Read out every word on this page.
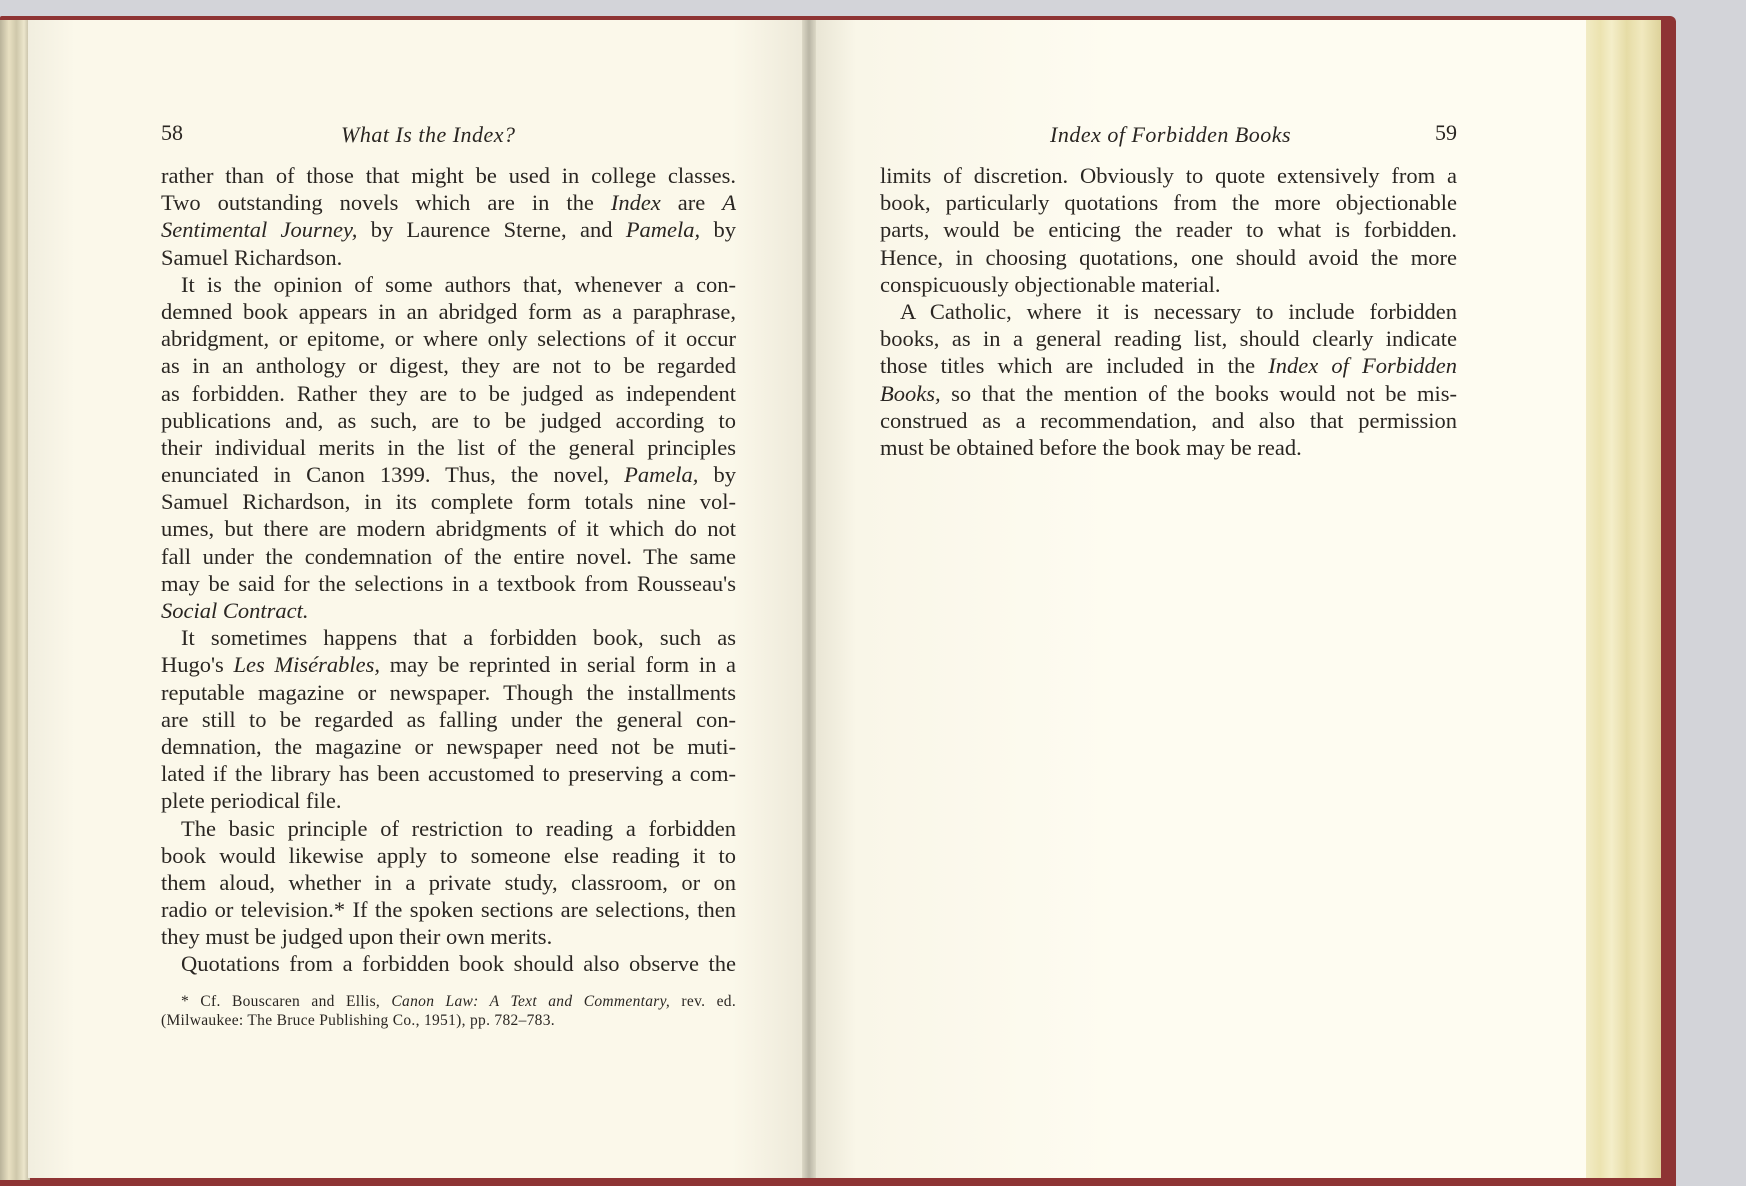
58	What Is the Index?
rather than of those that might be used in college classes.
Two outstanding novels which are in the Index are A
Sentimental Journey, by Laurence Sterne, and Pamela, by
Samuel Richardson.
It is the opinion of some authors that, whenever a con-
demned book appears in an abridged form as a paraphrase,
abridgment, or epitome, or where only selections of it occur
as in an anthology or digest, they are not to be regarded
as forbidden. Rather they are to be judged as independent
publications and, as such, are to be judged according to
their individual merits in the list of the general principles
enunciated in Canon 1399. Thus, the novel, Pamela, by
Samuel Richardson, in its complete form totals nine vol-
umes, but there are modern abridgments of it which do not
fall under the condemnation of the entire novel. The same
may be said for the selections in a textbook from Rousseau's
Social Contract.
It sometimes happens that a forbidden book, such as
Hugo's Les Misérables, may be reprinted in serial form in a
reputable magazine or newspaper. Though the installments
are still to be regarded as falling under the general con-
demnation, the magazine or newspaper need not be muti-
lated if the library has been accustomed to preserving a com-
plete periodical file.
The basic principle of restriction to reading a forbidden
book would likewise apply to someone else reading it to
them aloud, whether in a private study, classroom, or on
radio or television.* If the spoken sections are selections, then
they must be judged upon their own merits.
Quotations from a forbidden book should also observe the
* Cf. Bouscaren and Ellis, Canon Law: A Text and Commentary, rev. ed.
(Milwaukee: The Bruce Publishing Co., 1951), pp. 782–783.
Index of Forbidden Books	59
limits of discretion. Obviously to quote extensively from a
book, particularly quotations from the more objectionable
parts, would be enticing the reader to what is forbidden.
Hence, in choosing quotations, one should avoid the more
conspicuously objectionable material.
A Catholic, where it is necessary to include forbidden
books, as in a general reading list, should clearly indicate
those titles which are included in the Index of Forbidden
Books, so that the mention of the books would not be mis-
construed as a recommendation, and also that permission
must be obtained before the book may be read.
